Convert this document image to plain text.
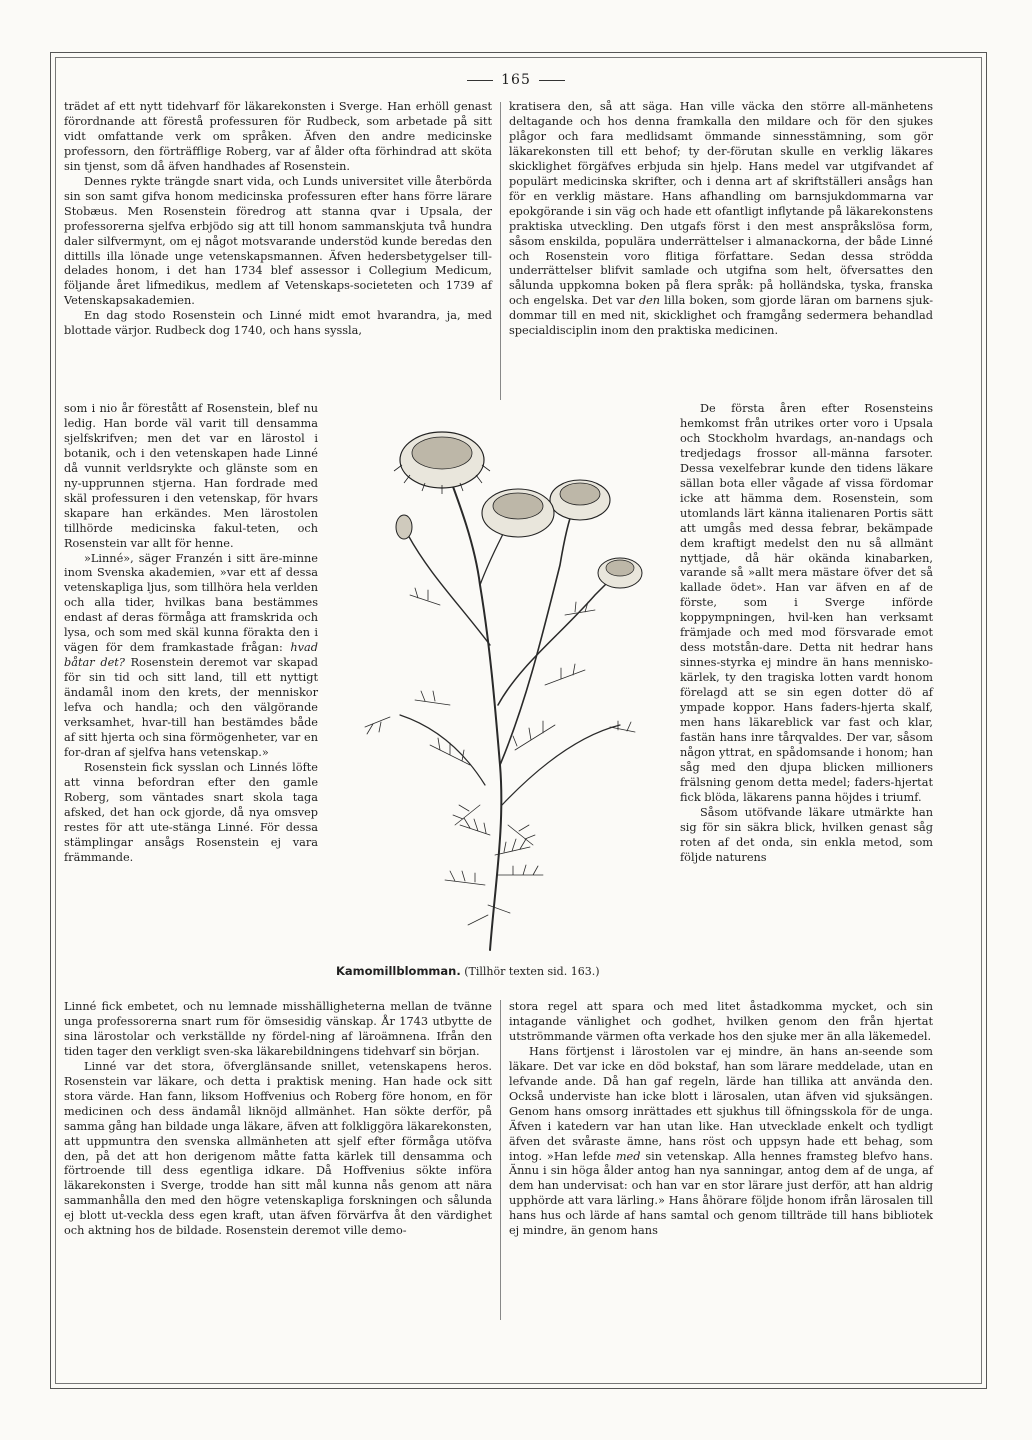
165

trädet af ett nytt tidehvarf för läkarekonsten i Sverge. Han erhöll genast förordnande att förestå professuren för Rudbeck, som arbetade på sitt vidt omfattande verk om språken. Äfven den andre medicinske professorn, den förträfflige Roberg, var af ålder ofta förhindrad att sköta sin tjenst, som då äfven handhades af Rosenstein.

Dennes rykte trängde snart vida, och Lunds universitet ville återbörda sin son samt gifva honom medicinska professuren efter hans förre lärare Stobæus. Men Rosenstein föredrog att stanna qvar i Upsala, der professorerna sjelfva erbjödo sig att till honom sammanskjuta två hundra daler silfvermynt, om ej något motsvarande understöd kunde beredas den dittills illa lönade unge vetenskapsmannen. Äfven hedersbetygelser till-delades honom, i det han 1734 blef assessor i Collegium Medicum, följande året lifmedikus, medlem af Vetenskaps-societeten och 1739 af Vetenskapsakademien.

En dag stodo Rosenstein och Linné midt emot hvarandra, ja, med blottade värjor. Rudbeck dog 1740, och hans syssla,

kratisera den, så att säga. Han ville väcka den större all-mänhetens deltagande och hos denna framkalla den mildare och för den sjukes plågor och fara medlidsamt ömmande sinnesstämning, som gör läkarekonsten till ett behof; ty der-förutan skulle en verklig läkares skicklighet förgäfves erbjuda sin hjelp. Hans medel var utgifvandet af populärt medicinska skrifter, och i denna art af skriftställeri ansågs han för en verklig mästare. Hans afhandling om barnsjukdommarna var epokgörande i sin väg och hade ett ofantligt inflytande på läkarekonstens praktiska utveckling. Den utgafs först i den mest anspråkslösa form, såsom enskilda, populära underrättelser i almanackorna, der både Linné och Rosenstein voro flitiga författare. Sedan dessa strödda underrättelser blifvit samlade och utgifna som helt, öfversattes den sålunda uppkomna boken på flera språk: på holländska, tyska, franska och engelska. Det var den lilla boken, som gjorde läran om barnens sjuk-dommar till en med nit, skicklighet och framgång sedermera behandlad specialdisciplin inom den praktiska medicinen.

som i nio år förestått af Rosenstein, blef nu ledig. Han borde väl varit till densamma sjelfskrifven; men det var en lärostol i botanik, och i den vetenskapen hade Linné då vunnit verldsrykte och glänste som en ny-upprunnen stjerna. Han fordrade med skäl professuren i den vetenskap, för hvars skapare han erkändes. Men lärostolen tillhörde medicinska fakul-teten, och Rosenstein var allt för henne.

»Linné», säger Franzén i sitt äre-minne inom Svenska akademien, »var ett af dessa vetenskapliga ljus, som tillhöra hela verlden och alla tider, hvilkas bana bestämmes endast af deras förmåga att framskrida och lysa, och som med skäl kunna förakta den i vägen för dem framkastade frågan: hvad båtar det? Rosenstein deremot var skapad för sin tid och sitt land, till ett nyttigt ändamål inom den krets, der menniskor lefva och handla; och den välgörande verksamhet, hvar-till han bestämdes både af sitt hjerta och sina förmögenheter, var en for-dran af sjelfva hans vetenskap.»

Rosenstein fick sysslan och Linnés löfte att vinna befordran efter den gamle Roberg, som väntades snart skola taga afsked, det han ock gjorde, då nya omsvep restes för att ute-stänga Linné. För dessa stämplingar ansågs Rosenstein ej vara främmande.

De första åren efter Rosensteins hemkomst från utrikes orter voro i Upsala och Stockholm hvardags, an-nandags och tredjedags frossor all-männa farsoter. Dessa vexelfebrar kunde den tidens läkare sällan bota eller vågade af vissa fördomar icke att hämma dem. Rosenstein, som utomlands lärt känna italienaren Portis sätt att umgås med dessa febrar, bekämpade dem kraftigt medelst den nu så allmänt nyttjade, då här okända kinabarken, varande så »allt mera mästare öfver det så kallade ödet». Han var äfven en af de förste, som i Sverge införde koppympningen, hvil-ken han verksamt främjade och med mod försvarade emot dess motstån-dare. Detta nit hedrar hans sinnes-styrka ej mindre än hans mennisko-kärlek, ty den tragiska lotten vardt honom förelagd att se sin egen dotter dö af ympade koppor. Hans faders-hjerta skalf, men hans läkareblick var fast och klar, fastän hans inre tårqvaldes. Der var, såsom någon yttrat, en spådomsande i honom; han såg med den djupa blicken millioners frälsning genom detta medel; faders-hjertat fick blöda, läkarens panna höjdes i triumf.

Såsom utöfvande läkare utmärkte han sig för sin säkra blick, hvilken genast såg roten af det onda, sin enkla metod, som följde naturens

Kamomillblomman. (Tillhör texten sid. 163.)

Linné fick embetet, och nu lemnade misshälligheterna mellan de tvänne unga professorerna snart rum för ömsesidig vänskap. År 1743 utbytte de sina lärostolar och verkställde ny fördel-ning af läroämnena. Ifrån den tiden tager den verkligt sven-ska läkarebildningens tidehvarf sin början.

Linné var det stora, öfverglänsande snillet, vetenskapens heros. Rosenstein var läkare, och detta i praktisk mening. Han hade ock sitt stora värde. Han fann, liksom Hoffvenius och Roberg före honom, en för medicinen och dess ändamål liknöjd allmänhet. Han sökte derför, på samma gång han bildade unga läkare, äfven att folkliggöra läkarekonsten, att uppmuntra den svenska allmänheten att sjelf efter förmåga utöfva den, på det att hon derigenom måtte fatta kärlek till densamma och förtroende till dess egentliga idkare. Då Hoffvenius sökte införa läkarekonsten i Sverge, trodde han sitt mål kunna nås genom att nära sammanhålla den med den högre vetenskapliga forskningen och sålunda ej blott ut-veckla dess egen kraft, utan äfven förvärfva åt den värdighet och aktning hos de bildade. Rosenstein deremot ville demo-

stora regel att spara och med litet åstadkomma mycket, och sin intagande vänlighet och godhet, hvilken genom den från hjertat utströmmande värmen ofta verkade hos den sjuke mer än alla läkemedel.

Hans förtjenst i lärostolen var ej mindre, än hans an-seende som läkare. Det var icke en död bokstaf, han som lärare meddelade, utan en lefvande ande. Då han gaf regeln, lärde han tillika att använda den. Också underviste han icke blott i lärosalen, utan äfven vid sjuksängen. Genom hans omsorg inrättades ett sjukhus till öfningsskola för de unga. Äfven i katedern var han utan like. Han utvecklade enkelt och tydligt äfven det svåraste ämne, hans röst och uppsyn hade ett behag, som intog. »Han lefde med sin vetenskap. Alla hennes framsteg blefvo hans. Ännu i sin höga ålder antog han nya sanningar, antog dem af de unga, af dem han undervisat: och han var en stor lärare just derför, att han aldrig upphörde att vara lärling.» Hans åhörare följde honom ifrån lärosalen till hans hus och lärde af hans samtal och genom tillträde till hans bibliotek ej mindre, än genom hans
